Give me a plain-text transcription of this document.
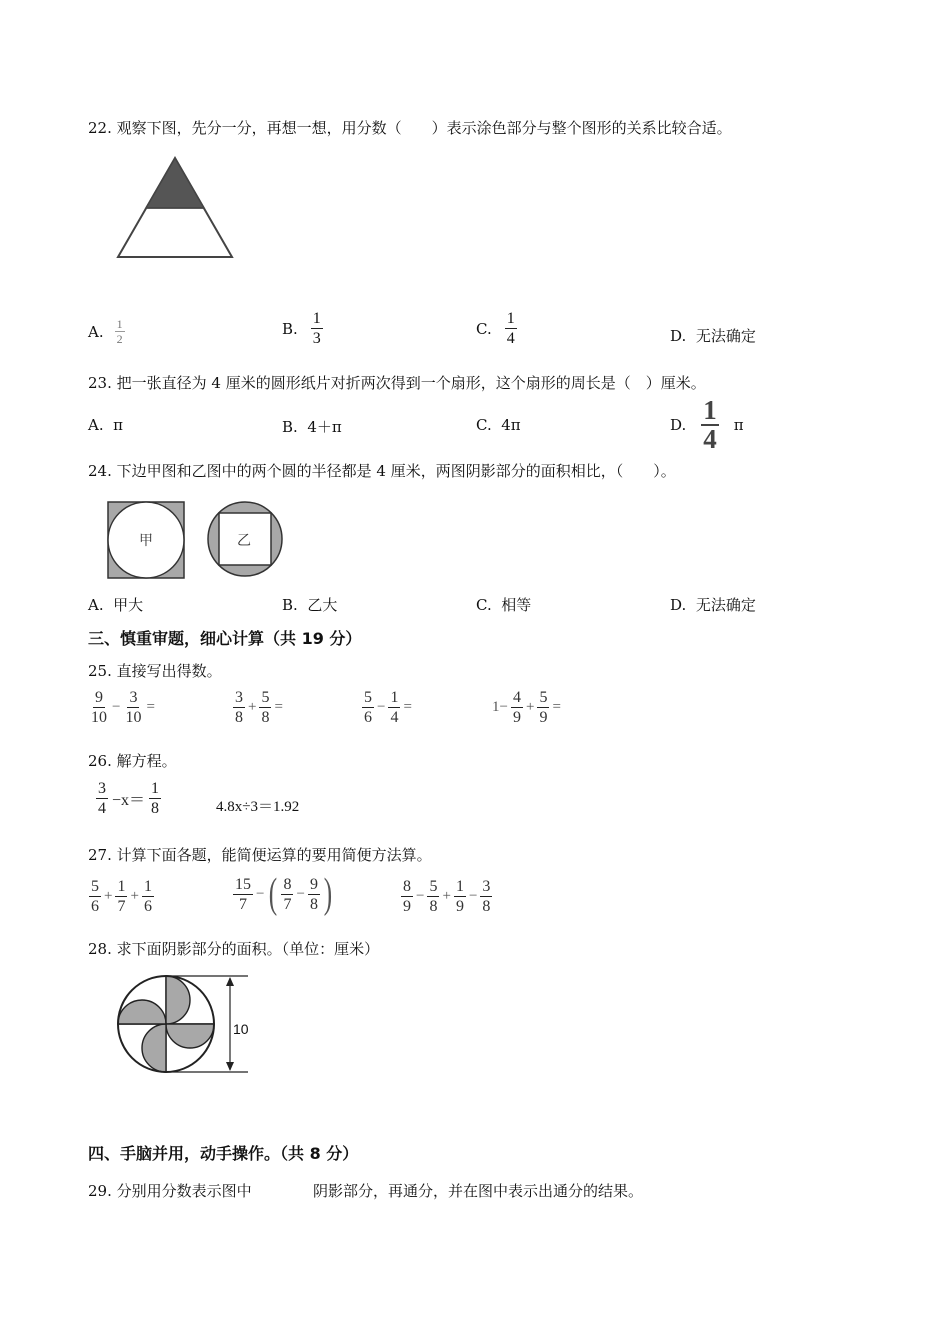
22. 观察下图，先分一分，再想一想，用分数（　　）表示涂色部分与整个图形的关系比较合适。
A. $\frac{1}{2}$	B. $\frac{1}{3}$	C. $\frac{1}{4}$	D. 无法确定
23. 把一张直径为 4 厘米的圆形纸片对折两次得到一个扇形，这个扇形的周长是（　）厘米。
A. π	B. 4＋π	C. 4π	D. $\frac{1}{4}$ π
24. 下边甲图和乙图中的两个圆的半径都是 4 厘米，两图阴影部分的面积相比，（　　）。
甲	乙
A. 甲大	B. 乙大	C. 相等	D. 无法确定
三、慎重审题，细心计算（共 19 分）
25. 直接写出得数。
$\frac{9}{10} - \frac{3}{10}$ =	$\frac{3}{8} + \frac{5}{8}$ =	$\frac{5}{6} - \frac{1}{4}$ =	$1- \frac{4}{9} + \frac{5}{9}$ =
26. 解方程。
$\frac{3}{4} -x= \frac{1}{8}$	4.8x÷3＝1.92
27. 计算下面各题，能简便运算的要用简便方法算。
$\frac{5}{6} + \frac{1}{7} + \frac{1}{6}$	$\frac{15}{7}$ − ( $\frac{8}{7} - \frac{9}{8}$ )	$\frac{8}{9} - \frac{5}{8} + \frac{1}{9} - \frac{3}{8}$
28. 求下面阴影部分的面积。（单位：厘米）
10
四、手脑并用，动手操作。（共 8 分）
29. 分别用分数表示图中	阴影部分，再通分，并在图中表示出通分的结果。
